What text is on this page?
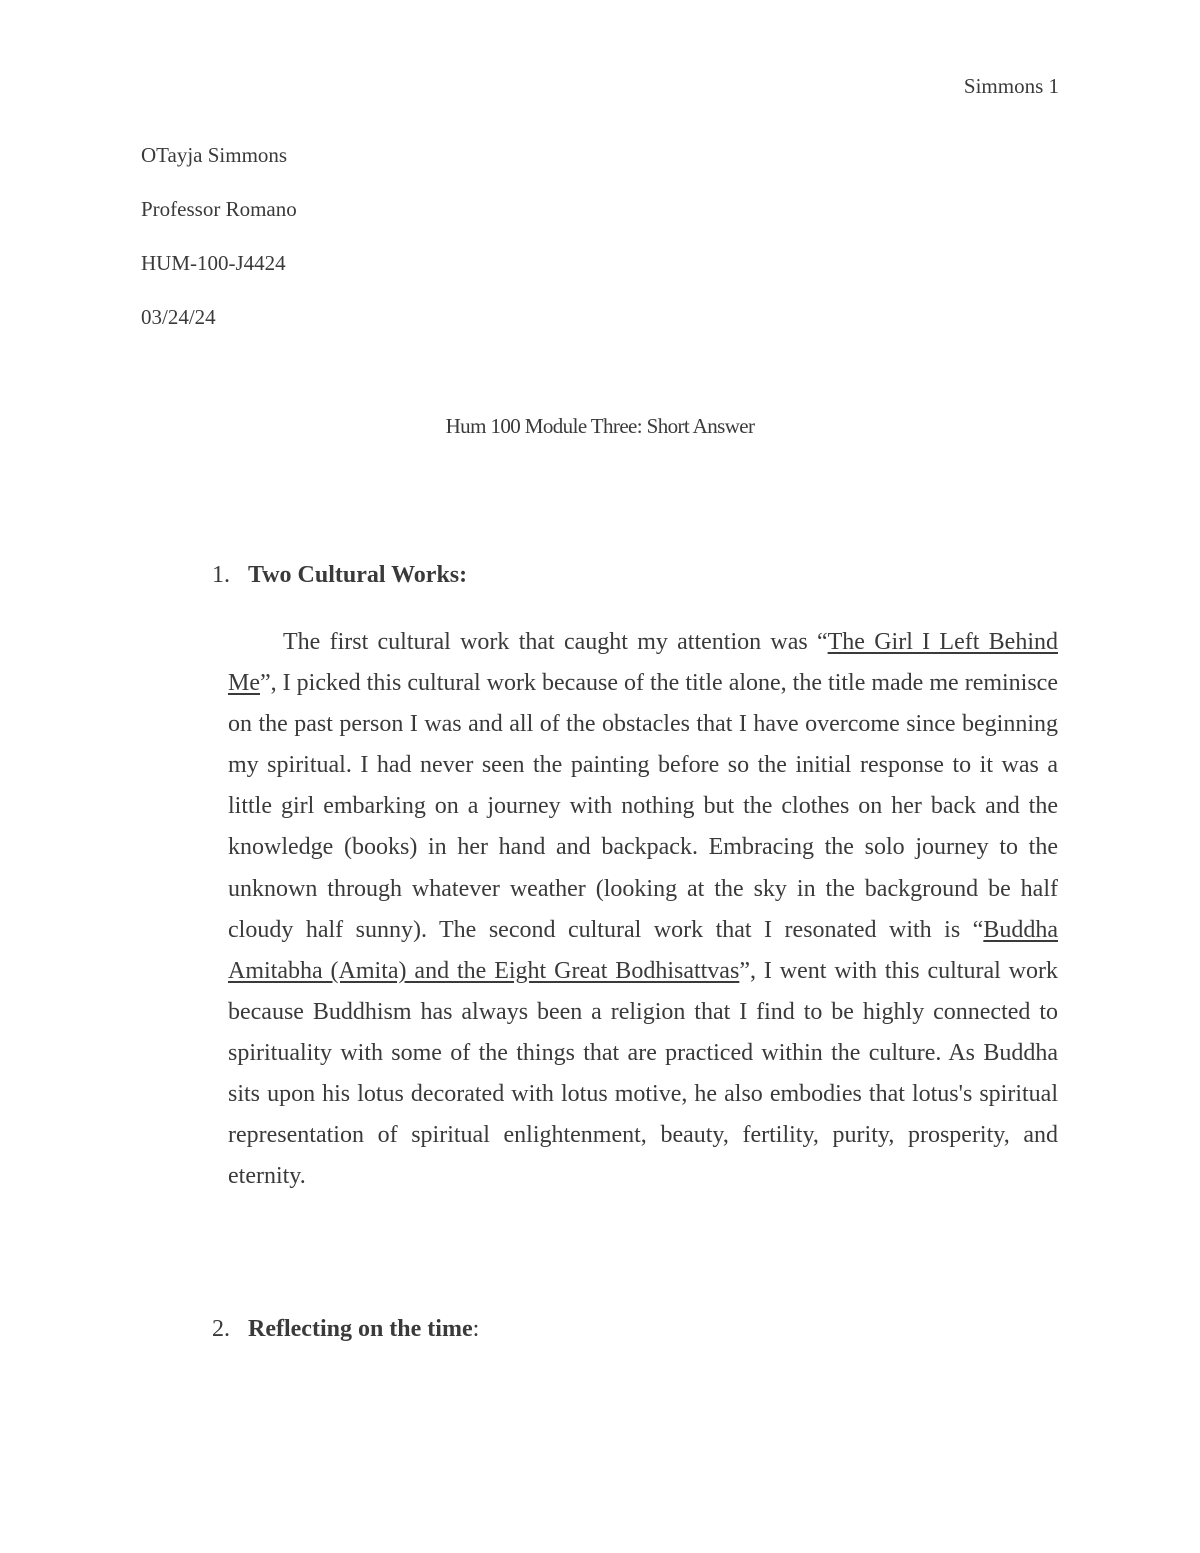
Simmons 1
OTayja Simmons
Professor Romano
HUM-100-J4424
03/24/24
Hum 100 Module Three: Short Answer
1. Two Cultural Works:

The first cultural work that caught my attention was “The Girl I Left Behind Me”, I picked this cultural work because of the title alone, the title made me reminisce on the past person I was and all of the obstacles that I have overcome since beginning my spiritual. I had never seen the painting before so the initial response to it was a little girl embarking on a journey with nothing but the clothes on her back and the knowledge (books) in her hand and backpack. Embracing the solo journey to the unknown through whatever weather (looking at the sky in the background be half cloudy half sunny). The second cultural work that I resonated with is “Buddha Amitabha (Amita) and the Eight Great Bodhisattvas”, I went with this cultural work because Buddhism has always been a religion that I find to be highly connected to spirituality with some of the things that are practiced within the culture. As Buddha sits upon his lotus decorated with lotus motive, he also embodies that lotus's spiritual representation of spiritual enlightenment, beauty, fertility, purity, prosperity, and eternity.

2. Reflecting on the time:
